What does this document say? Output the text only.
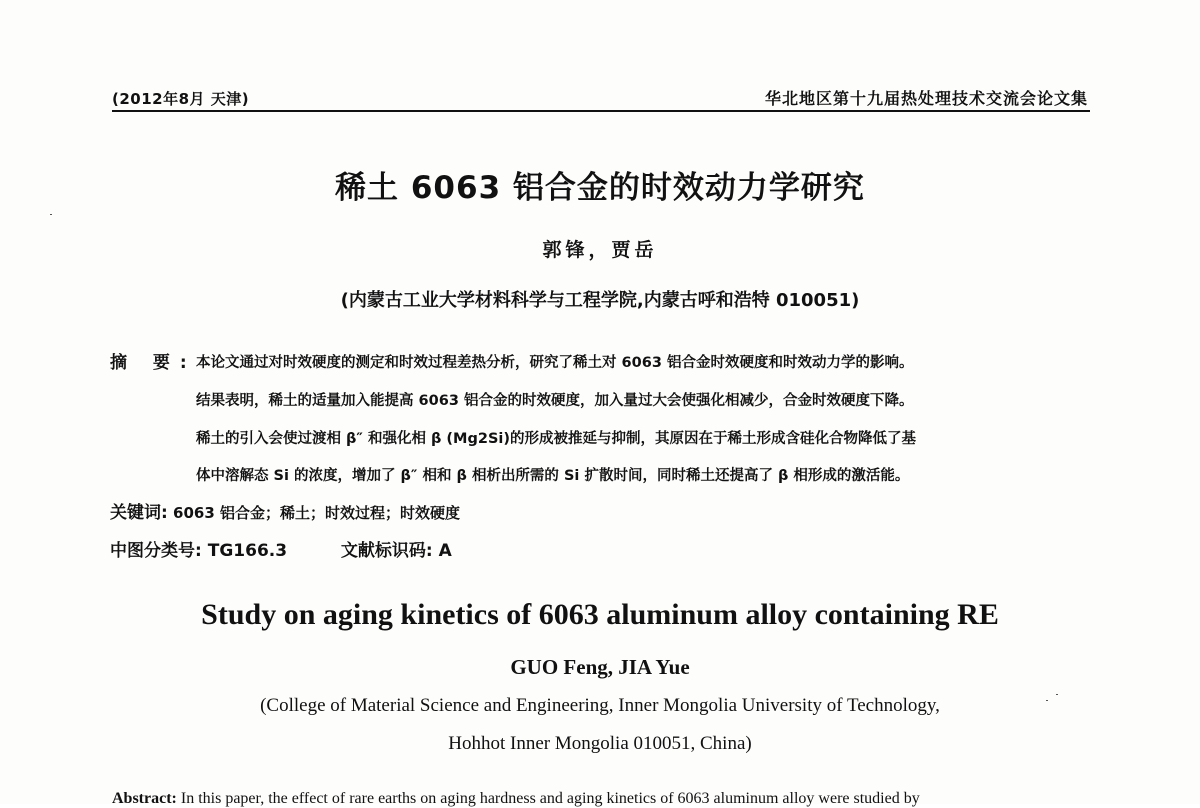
(2012年8月 天津)	华北地区第十九届热处理技术交流会论文集
稀土 6063 铝合金的时效动力学研究
郭锋，贾岳
(内蒙古工业大学材料科学与工程学院,内蒙古呼和浩特 010051)
摘 要: 本论文通过对时效硬度的测定和时效过程差热分析，研究了稀土对 6063 铝合金时效硬度和时效动力学的影响。
结果表明，稀土的适量加入能提高 6063 铝合金的时效硬度，加入量过大会使强化相减少，合金时效硬度下降。
稀土的引入会使过渡相 β″ 和强化相 β (Mg2Si)的形成被推延与抑制，其原因在于稀土形成含硅化合物降低了基
体中溶解态 Si 的浓度，增加了 β″ 相和 β 相析出所需的 Si 扩散时间，同时稀土还提高了 β 相形成的激活能。
关键词: 6063 铝合金；稀土；时效过程；时效硬度
中图分类号: TG166.3	文献标识码: A
Study on aging kinetics of 6063 aluminum alloy containing RE
GUO Feng, JIA Yue
(College of Material Science and Engineering, Inner Mongolia University of Technology,
Hohhot Inner Mongolia 010051, China)
Abstract: In this paper, the effect of rare earths on aging hardness and aging kinetics of 6063 aluminum alloy were studied by
